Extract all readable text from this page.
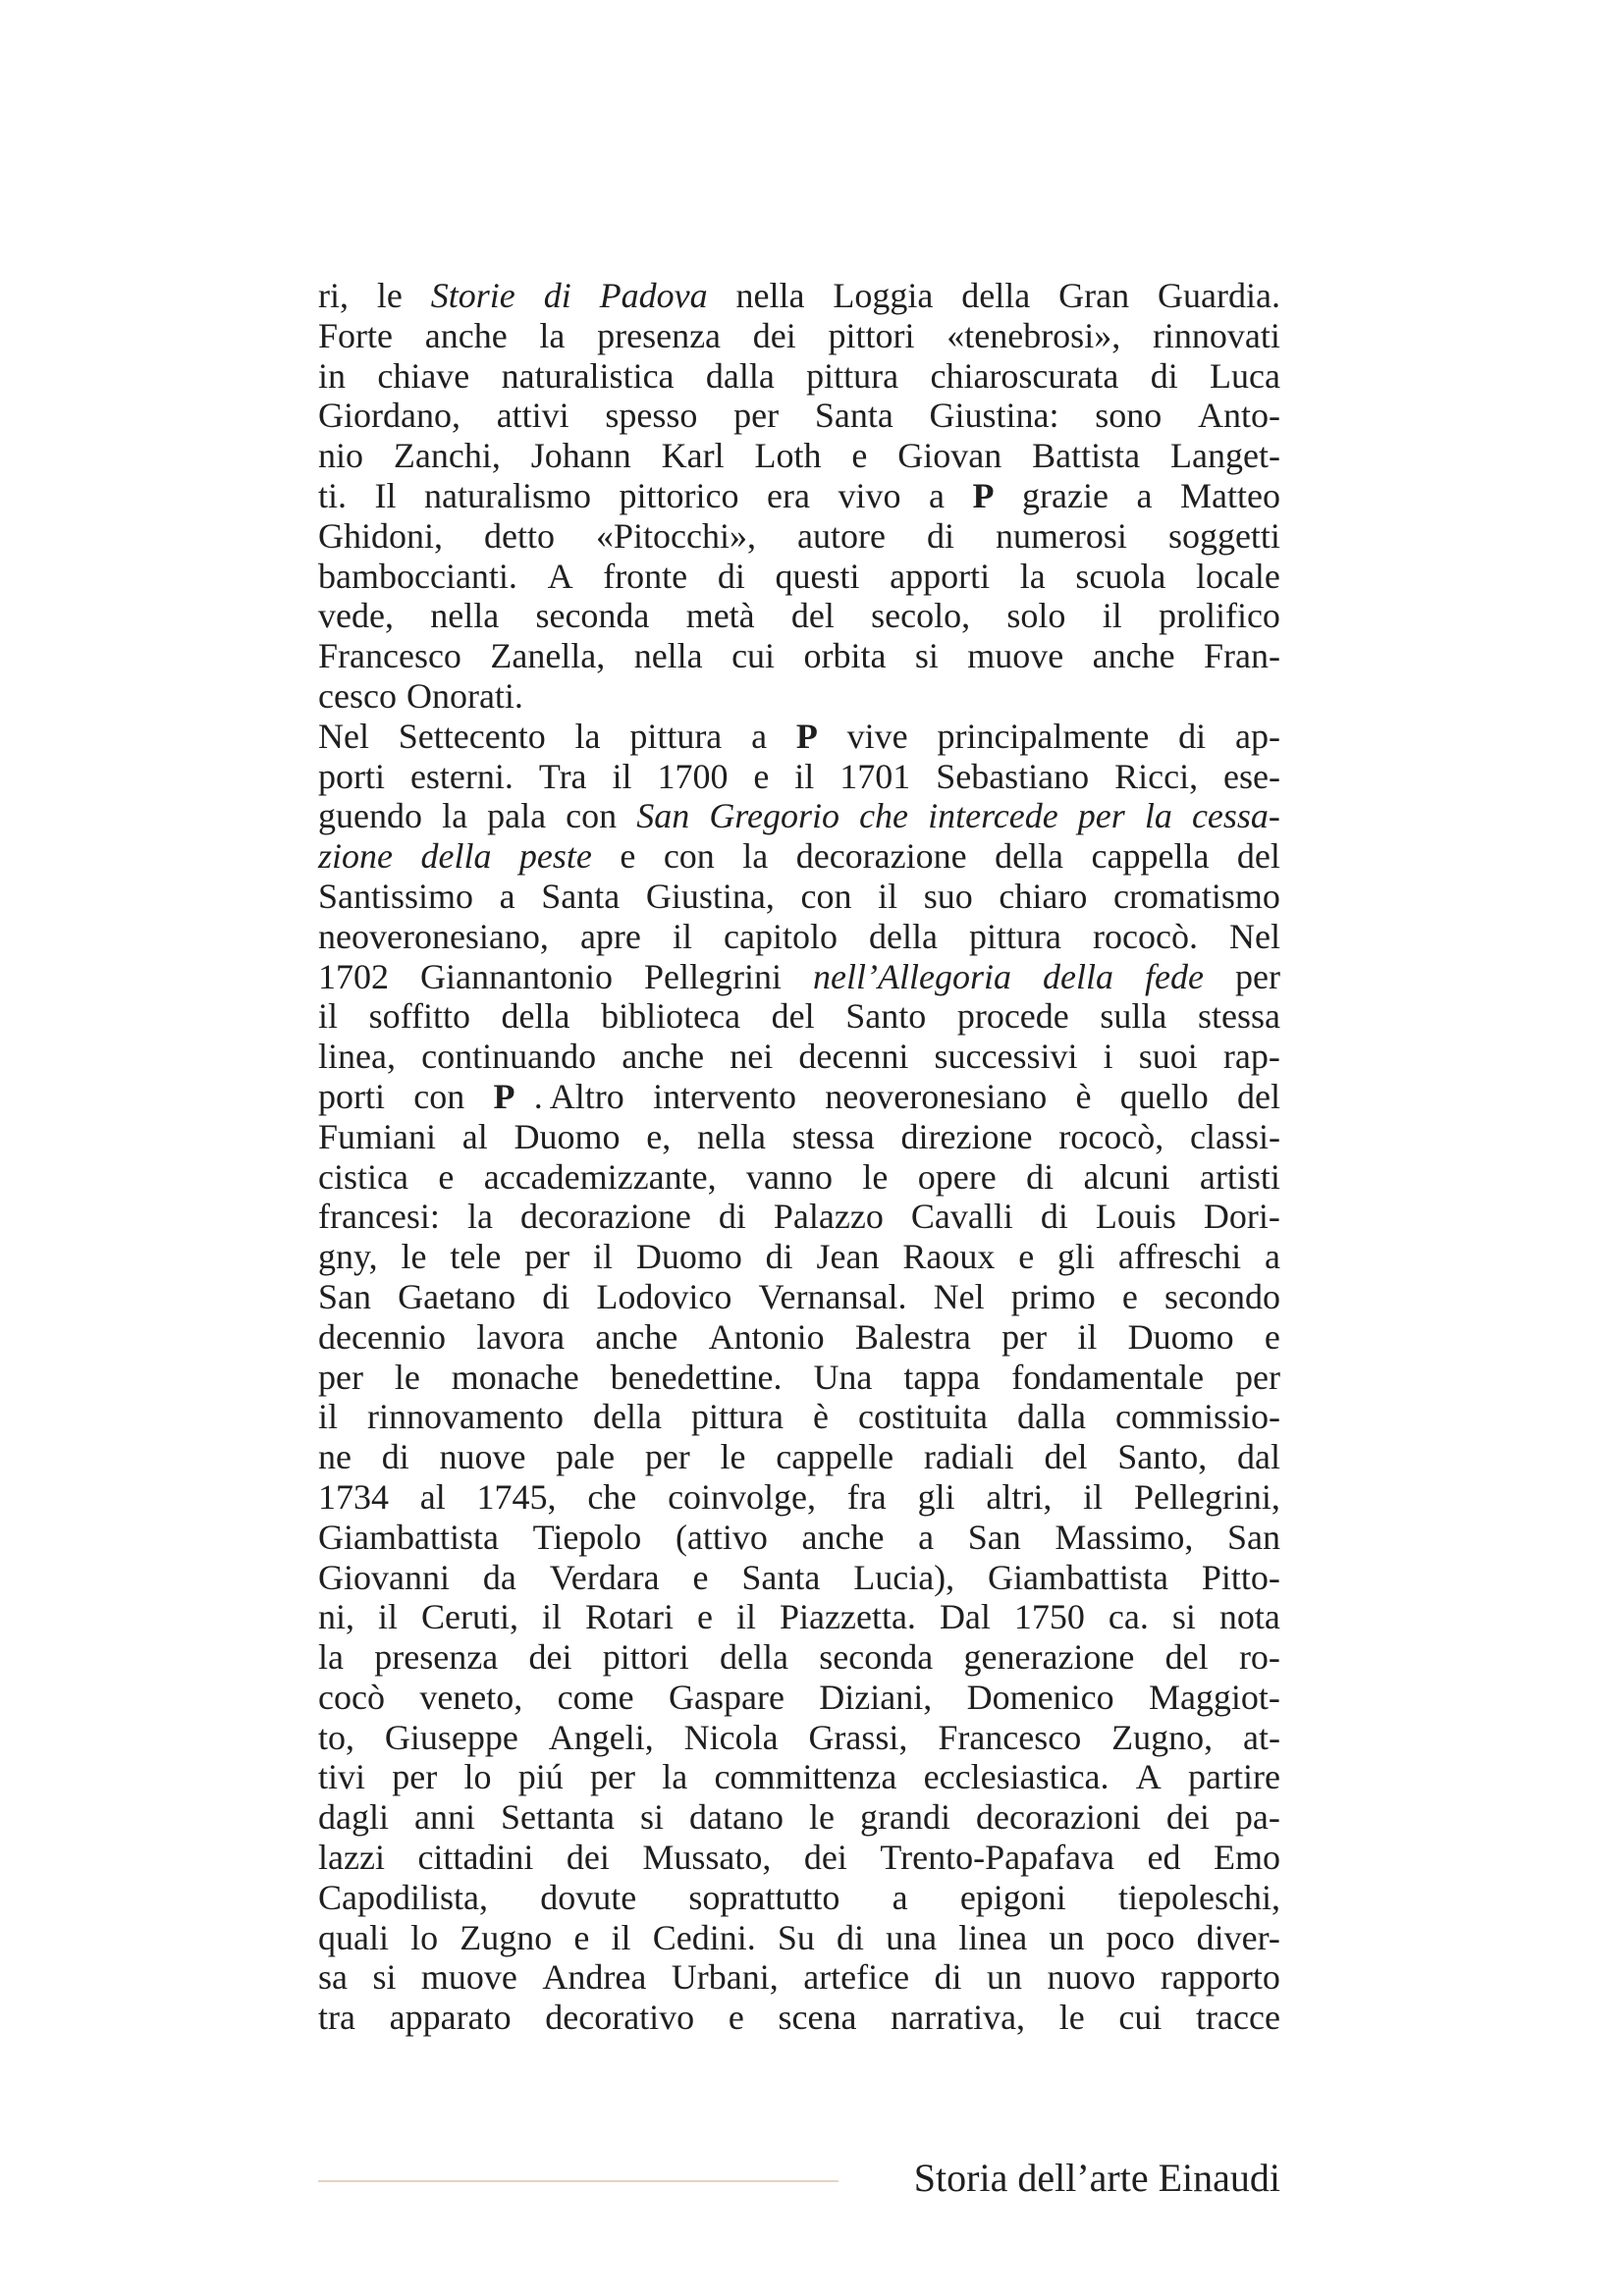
ri, le Storie di Padova nella Loggia della Gran Guardia.
Forte anche la presenza dei pittori «tenebrosi», rinnovati
in chiave naturalistica dalla pittura chiaroscurata di Luca
Giordano, attivi spesso per Santa Giustina: sono Anto-
nio Zanchi, Johann Karl Loth e Giovan Battista Langet-
ti. Il naturalismo pittorico era vivo a P grazie a Matteo
Ghidoni, detto «Pitocchi», autore di numerosi soggetti
bamboccianti. A fronte di questi apporti la scuola locale
vede, nella seconda metà del secolo, solo il prolifico
Francesco Zanella, nella cui orbita si muove anche Fran-
cesco Onorati.
Nel Settecento la pittura a P vive principalmente di ap-
porti esterni. Tra il 1700 e il 1701 Sebastiano Ricci, ese-
guendo la pala con San Gregorio che intercede per la cessa-
zione della peste e con la decorazione della cappella del
Santissimo a Santa Giustina, con il suo chiaro cromatismo
neoveronesiano, apre il capitolo della pittura rococò. Nel
1702 Giannantonio Pellegrini nell’Allegoria della fede per
il soffitto della biblioteca del Santo procede sulla stessa
linea, continuando anche nei decenni successivi i suoi rap-
porti con P . Altro intervento neoveronesiano è quello del
Fumiani al Duomo e, nella stessa direzione rococò, classi-
cistica e accademizzante, vanno le opere di alcuni artisti
francesi: la decorazione di Palazzo Cavalli di Louis Dori-
gny, le tele per il Duomo di Jean Raoux e gli affreschi a
San Gaetano di Lodovico Vernansal. Nel primo e secondo
decennio lavora anche Antonio Balestra per il Duomo e
per le monache benedettine. Una tappa fondamentale per
il rinnovamento della pittura è costituita dalla commissio-
ne di nuove pale per le cappelle radiali del Santo, dal
1734 al 1745, che coinvolge, fra gli altri, il Pellegrini,
Giambattista Tiepolo (attivo anche a San Massimo, San
Giovanni da Verdara e Santa Lucia), Giambattista Pitto-
ni, il Ceruti, il Rotari e il Piazzetta. Dal 1750 ca. si nota
la presenza dei pittori della seconda generazione del ro-
cocò veneto, come Gaspare Diziani, Domenico Maggiot-
to, Giuseppe Angeli, Nicola Grassi, Francesco Zugno, at-
tivi per lo piú per la committenza ecclesiastica. A partire
dagli anni Settanta si datano le grandi decorazioni dei pa-
lazzi cittadini dei Mussato, dei Trento-Papafava ed Emo
Capodilista, dovute soprattutto a epigoni tiepoleschi,
quali lo Zugno e il Cedini. Su di una linea un poco diver-
sa si muove Andrea Urbani, artefice di un nuovo rapporto
tra apparato decorativo e scena narrativa, le cui tracce
Storia dell’arte Einaudi
